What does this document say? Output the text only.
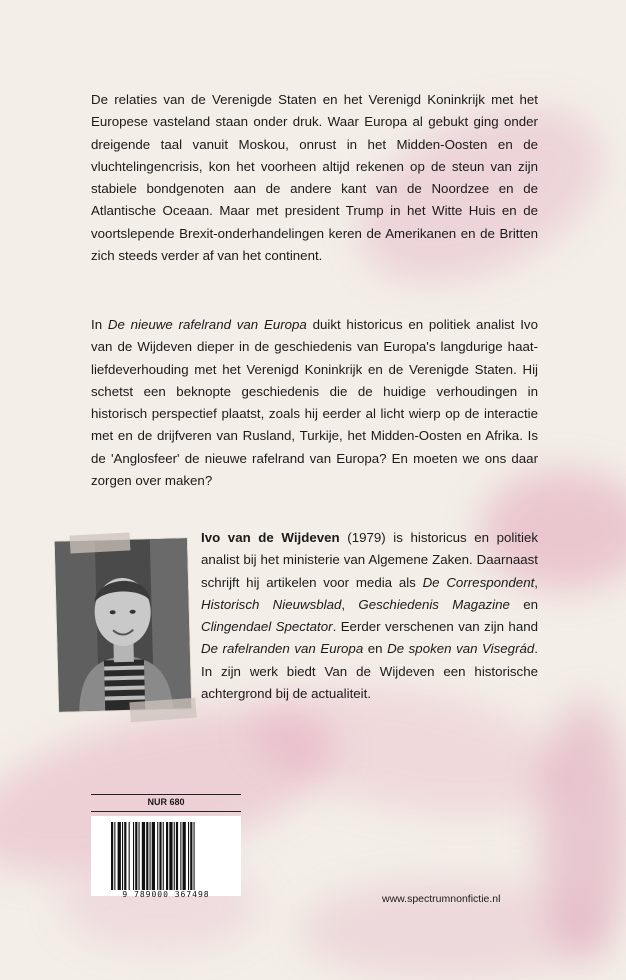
De relaties van de Verenigde Staten en het Verenigd Koninkrijk met het Europese vasteland staan onder druk. Waar Europa al gebukt ging onder dreigende taal vanuit Moskou, onrust in het Midden-Oosten en de vluchtelingencrisis, kon het voorheen altijd rekenen op de steun van zijn stabiele bondgenoten aan de andere kant van de Noordzee en de Atlantische Oceaan. Maar met president Trump in het Witte Huis en de voortslepende Brexit-onderhandelingen keren de Amerikanen en de Britten zich steeds verder af van het continent.

In De nieuwe rafelrand van Europa duikt historicus en politiek analist Ivo van de Wijdeven dieper in de geschiedenis van Europa's langdurige haat-liefdeverhouding met het Verenigd Koninkrijk en de Verenigde Staten. Hij schetst een beknopte geschiedenis die de huidige verhoudingen in historisch perspectief plaatst, zoals hij eerder al licht wierp op de interactie met en de drijfveren van Rusland, Turkije, het Midden-Oosten en Afrika. Is de 'Anglosfeer' de nieuwe rafelrand van Europa? En moeten we ons daar zorgen over maken?

Ivo van de Wijdeven (1979) is historicus en politiek analist bij het ministerie van Algemene Zaken. Daarnaast schrijft hij artikelen voor media als De Correspondent, Historisch Nieuwsblad, Geschiedenis Magazine en Clingendael Spectator. Eerder verschenen van zijn hand De rafelranden van Europa en De spoken van Visegrád. In zijn werk biedt Van de Wijdeven een historische achtergrond bij de actualiteit.

NUR 680
9 789000 367498	www.spectrumnonfictie.nl
